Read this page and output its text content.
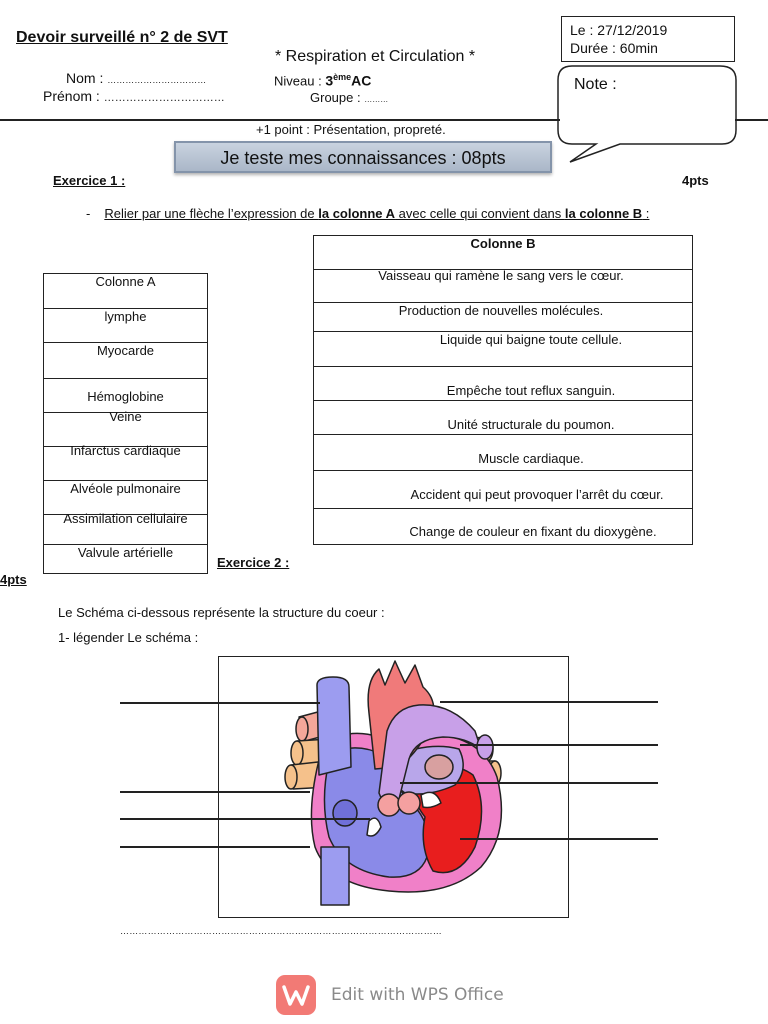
Devoir surveillé n° 2 de SVT
* Respiration et Circulation *
Nom : ……………………………
Prénom : ……………………………
Niveau : 3èmeAC
Groupe : ………
Le : 27/12/2019
Durée : 60min
Note :
+1 point : Présentation, propreté.
Je teste mes connaissances : 08pts
Exercice 1 :	4pts
- Relier par une flèche l’expression de la colonne A avec celle qui convient dans la colonne B :
Colonne A
lymphe
Myocarde
Hémoglobine
Veine
Infarctus cardiaque
Alvéole pulmonaire
Assimilation cellulaire
Valvule artérielle
Colonne B
Vaisseau qui ramène le sang vers le cœur.
Production de nouvelles molécules.
Liquide qui baigne toute cellule.
Empêche tout reflux sanguin.
Unité structurale du poumon.
Muscle cardiaque.
Accident qui peut provoquer l’arrêt du cœur.
Change de couleur en fixant du dioxygène.
Exercice 2 :
4pts
Le Schéma ci-dessous représente la structure du coeur :
1- légender Le schéma :
……………………………………………………………………………………………
Edit with WPS Office
